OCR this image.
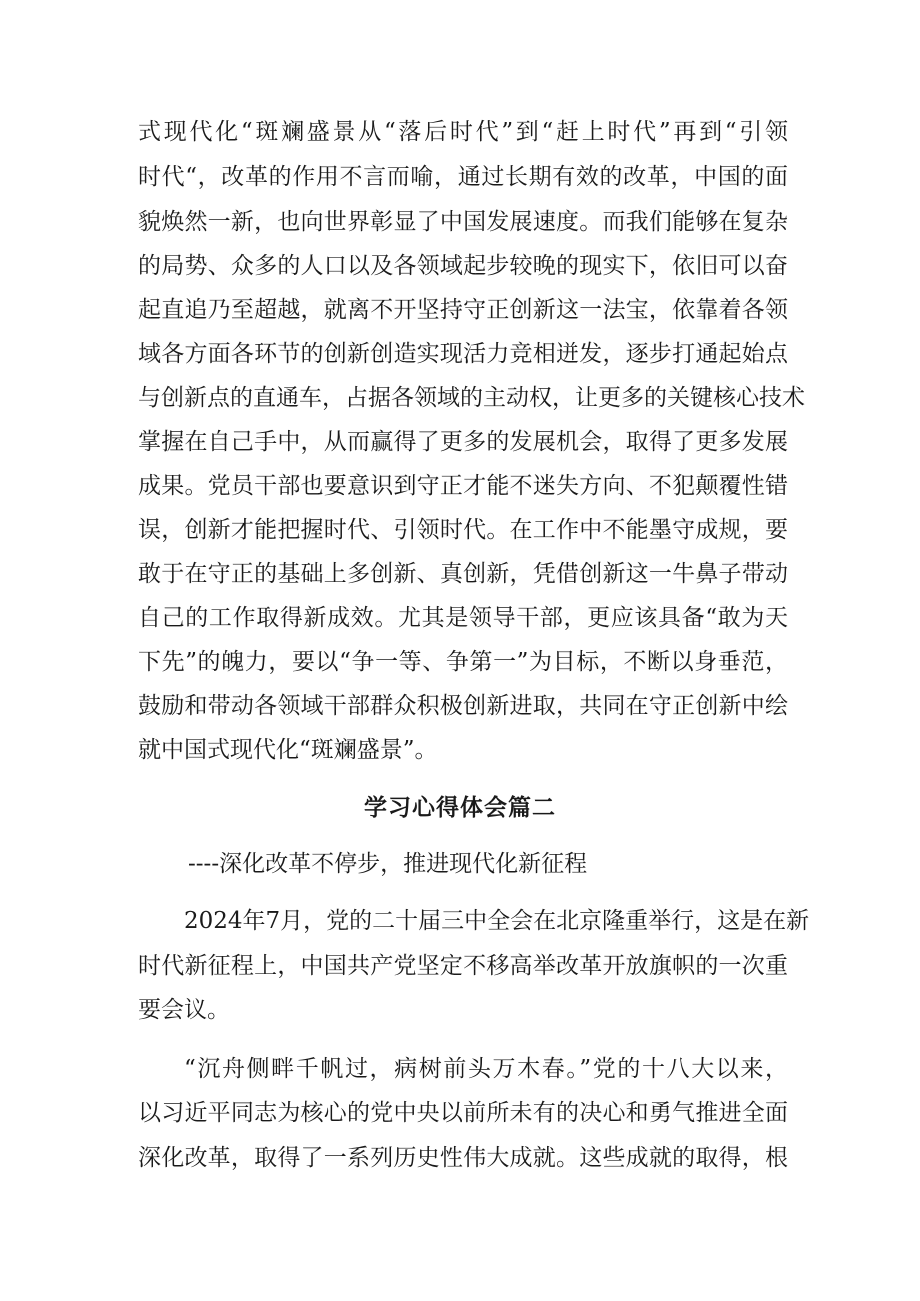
式现代化“斑斓盛景从“落后时代”到“赶上时代”再到“引领
时代“，改革的作用不言而喻，通过长期有效的改革，中国的面
貌焕然一新，也向世界彰显了中国发展速度。而我们能够在复杂
的局势、众多的人口以及各领域起步较晚的现实下，依旧可以奋
起直追乃至超越，就离不开坚持守正创新这一法宝，依靠着各领
域各方面各环节的创新创造实现活力竞相迸发，逐步打通起始点
与创新点的直通车，占据各领域的主动权，让更多的关键核心技术
掌握在自己手中，从而赢得了更多的发展机会，取得了更多发展
成果。党员干部也要意识到守正才能不迷失方向、不犯颠覆性错
误，创新才能把握时代、引领时代。在工作中不能墨守成规，要
敢于在守正的基础上多创新、真创新，凭借创新这一牛鼻子带动
自己的工作取得新成效。尤其是领导干部，更应该具备“敢为天
下先”的魄力，要以“争一等、争第一”为目标，不断以身垂范，
鼓励和带动各领域干部群众积极创新进取，共同在守正创新中绘
就中国式现代化“斑斓盛景”。
学习心得体会篇二
----深化改革不停步，推进现代化新征程
2024年7月，党的二十届三中全会在北京隆重举行，这是在新
时代新征程上，中国共产党坚定不移高举改革开放旗帜的一次重
要会议。
“沉舟侧畔千帆过，病树前头万木春。”党的十八大以来，
以习近平同志为核心的党中央以前所未有的决心和勇气推进全面
深化改革，取得了一系列历史性伟大成就。这些成就的取得，根
